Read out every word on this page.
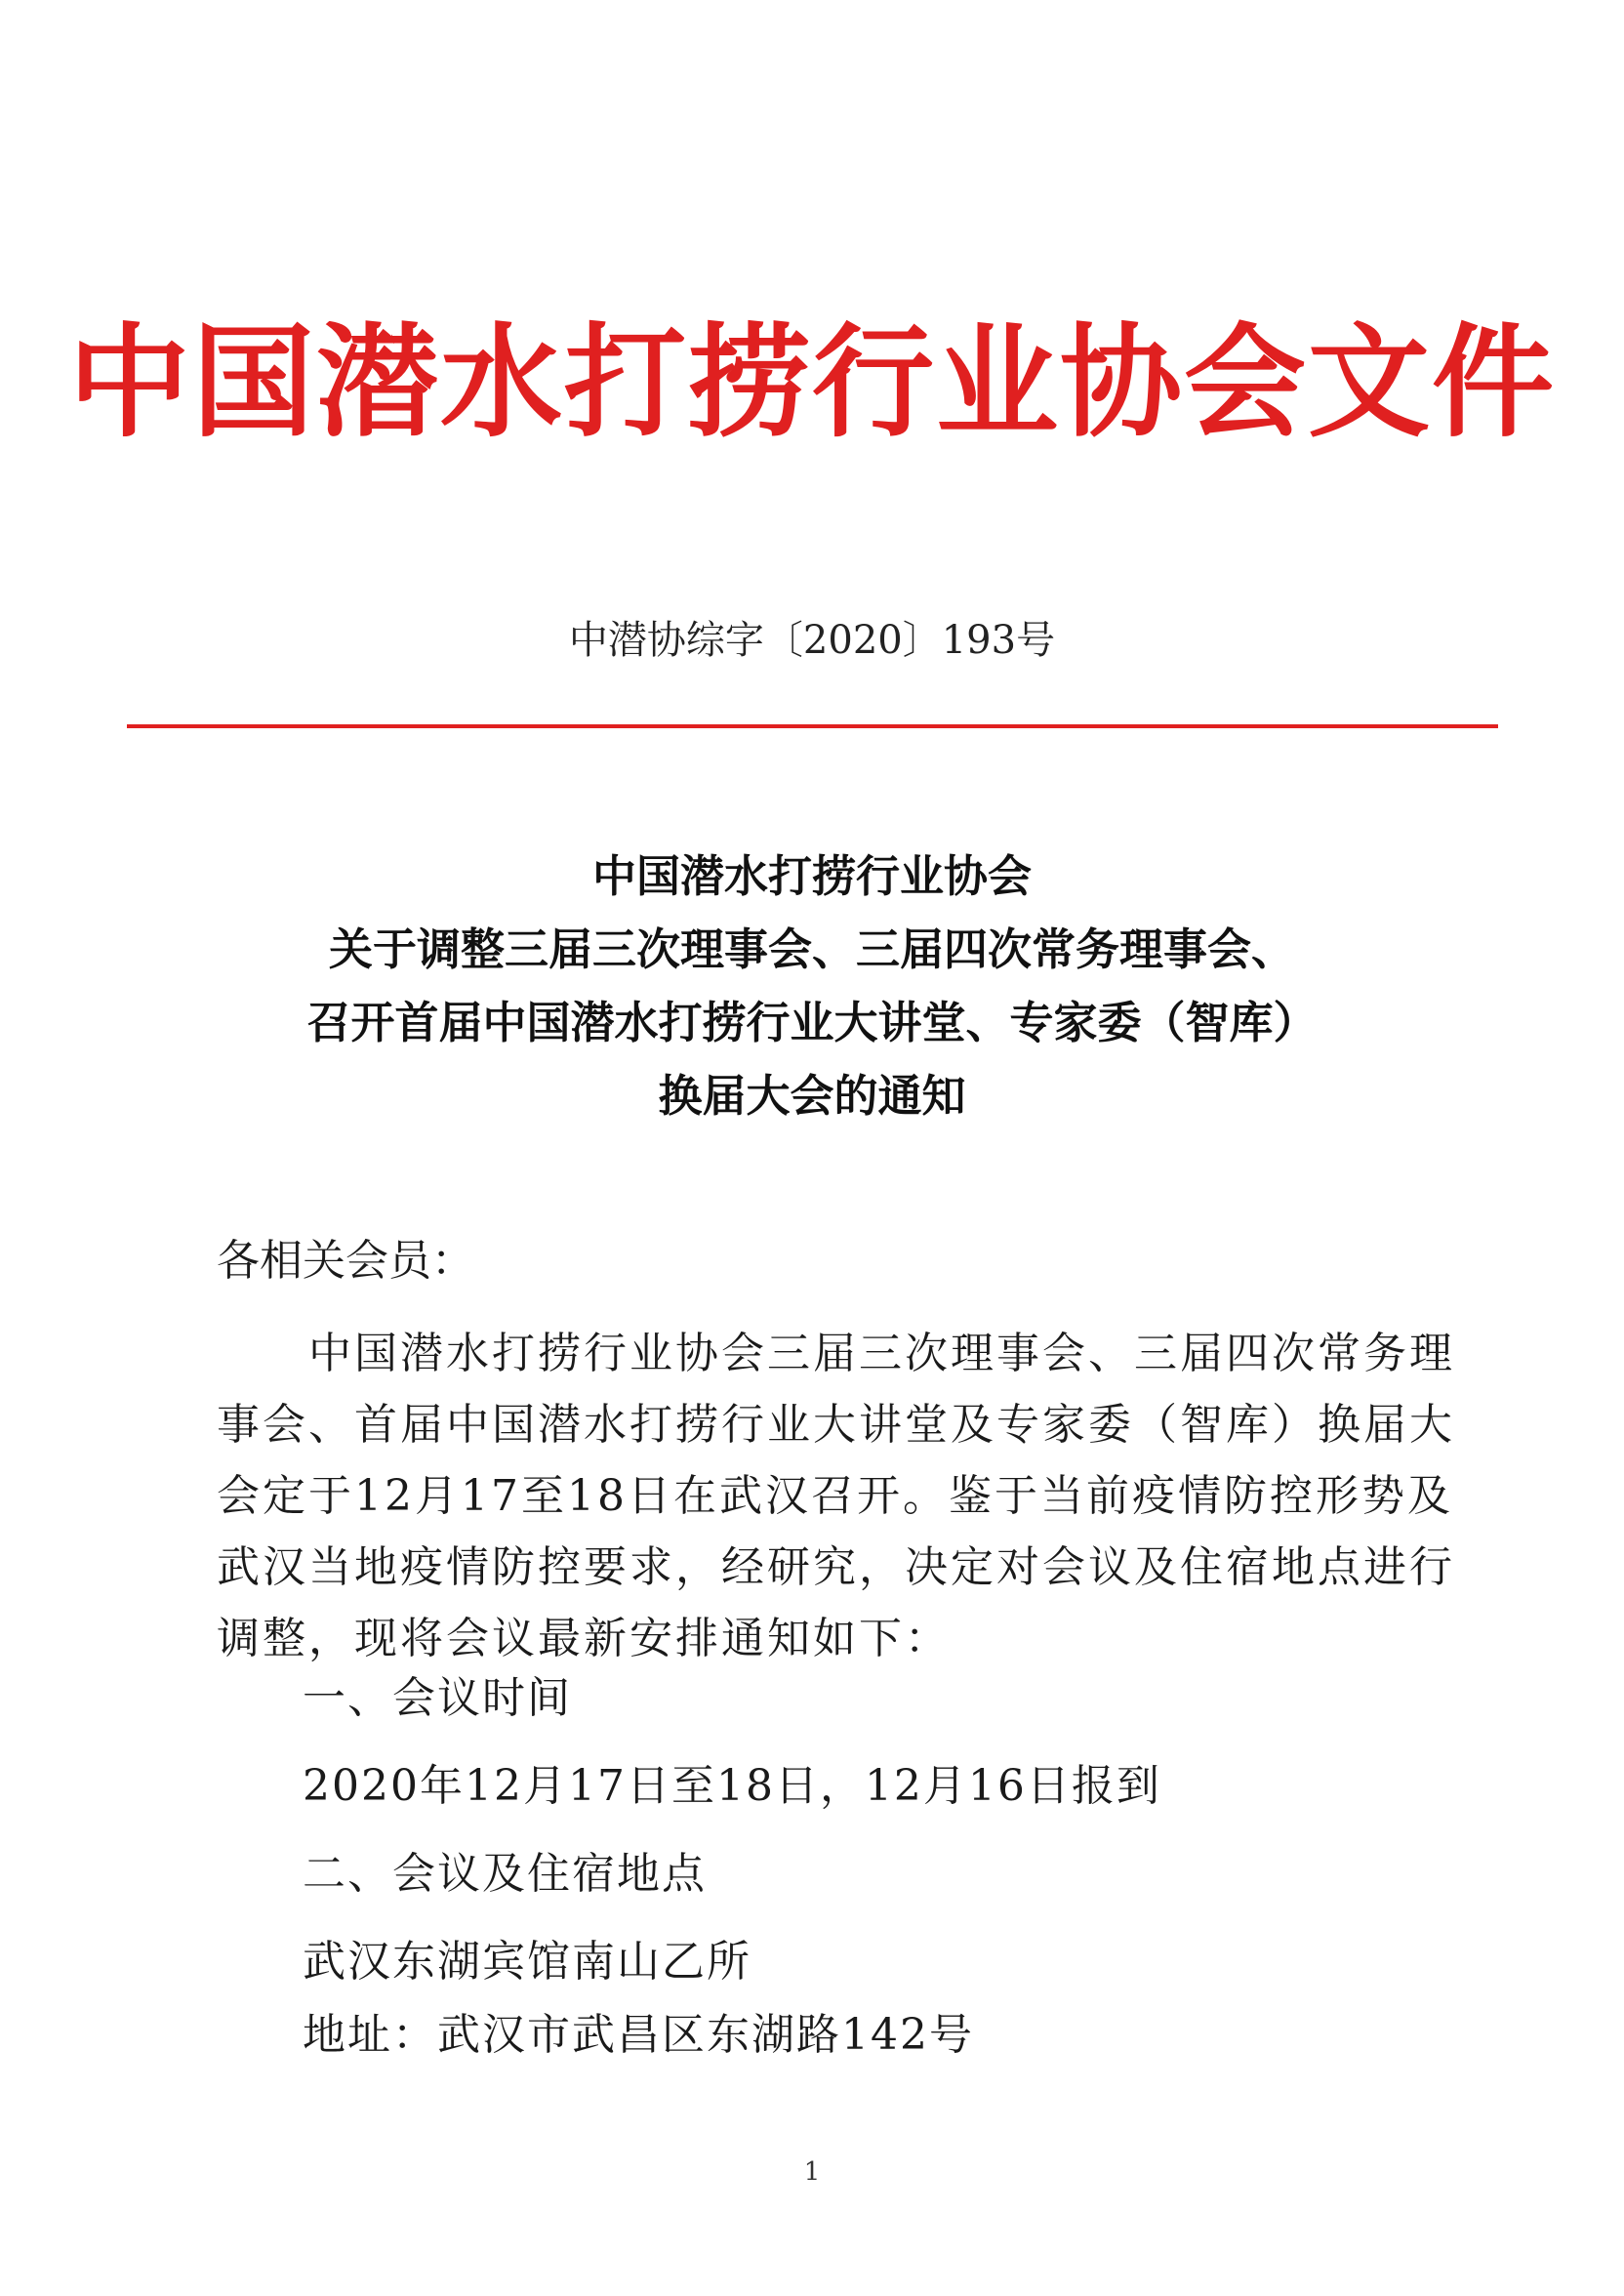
中国潜水打捞行业协会文件
中潜协综字〔2020〕193号
中国潜水打捞行业协会
关于调整三届三次理事会、三届四次常务理事会、
召开首届中国潜水打捞行业大讲堂、专家委（智库）
换届大会的通知
各相关会员：
　　中国潜水打捞行业协会三届三次理事会、三届四次常务理
事会、首届中国潜水打捞行业大讲堂及专家委（智库）换届大
会定于12月17至18日在武汉召开。鉴于当前疫情防控形势及
武汉当地疫情防控要求，经研究，决定对会议及住宿地点进行
调整，现将会议最新安排通知如下：
一、会议时间
2020年12月17日至18日，12月16日报到
二、会议及住宿地点
武汉东湖宾馆南山乙所
地址：武汉市武昌区东湖路142号
1
